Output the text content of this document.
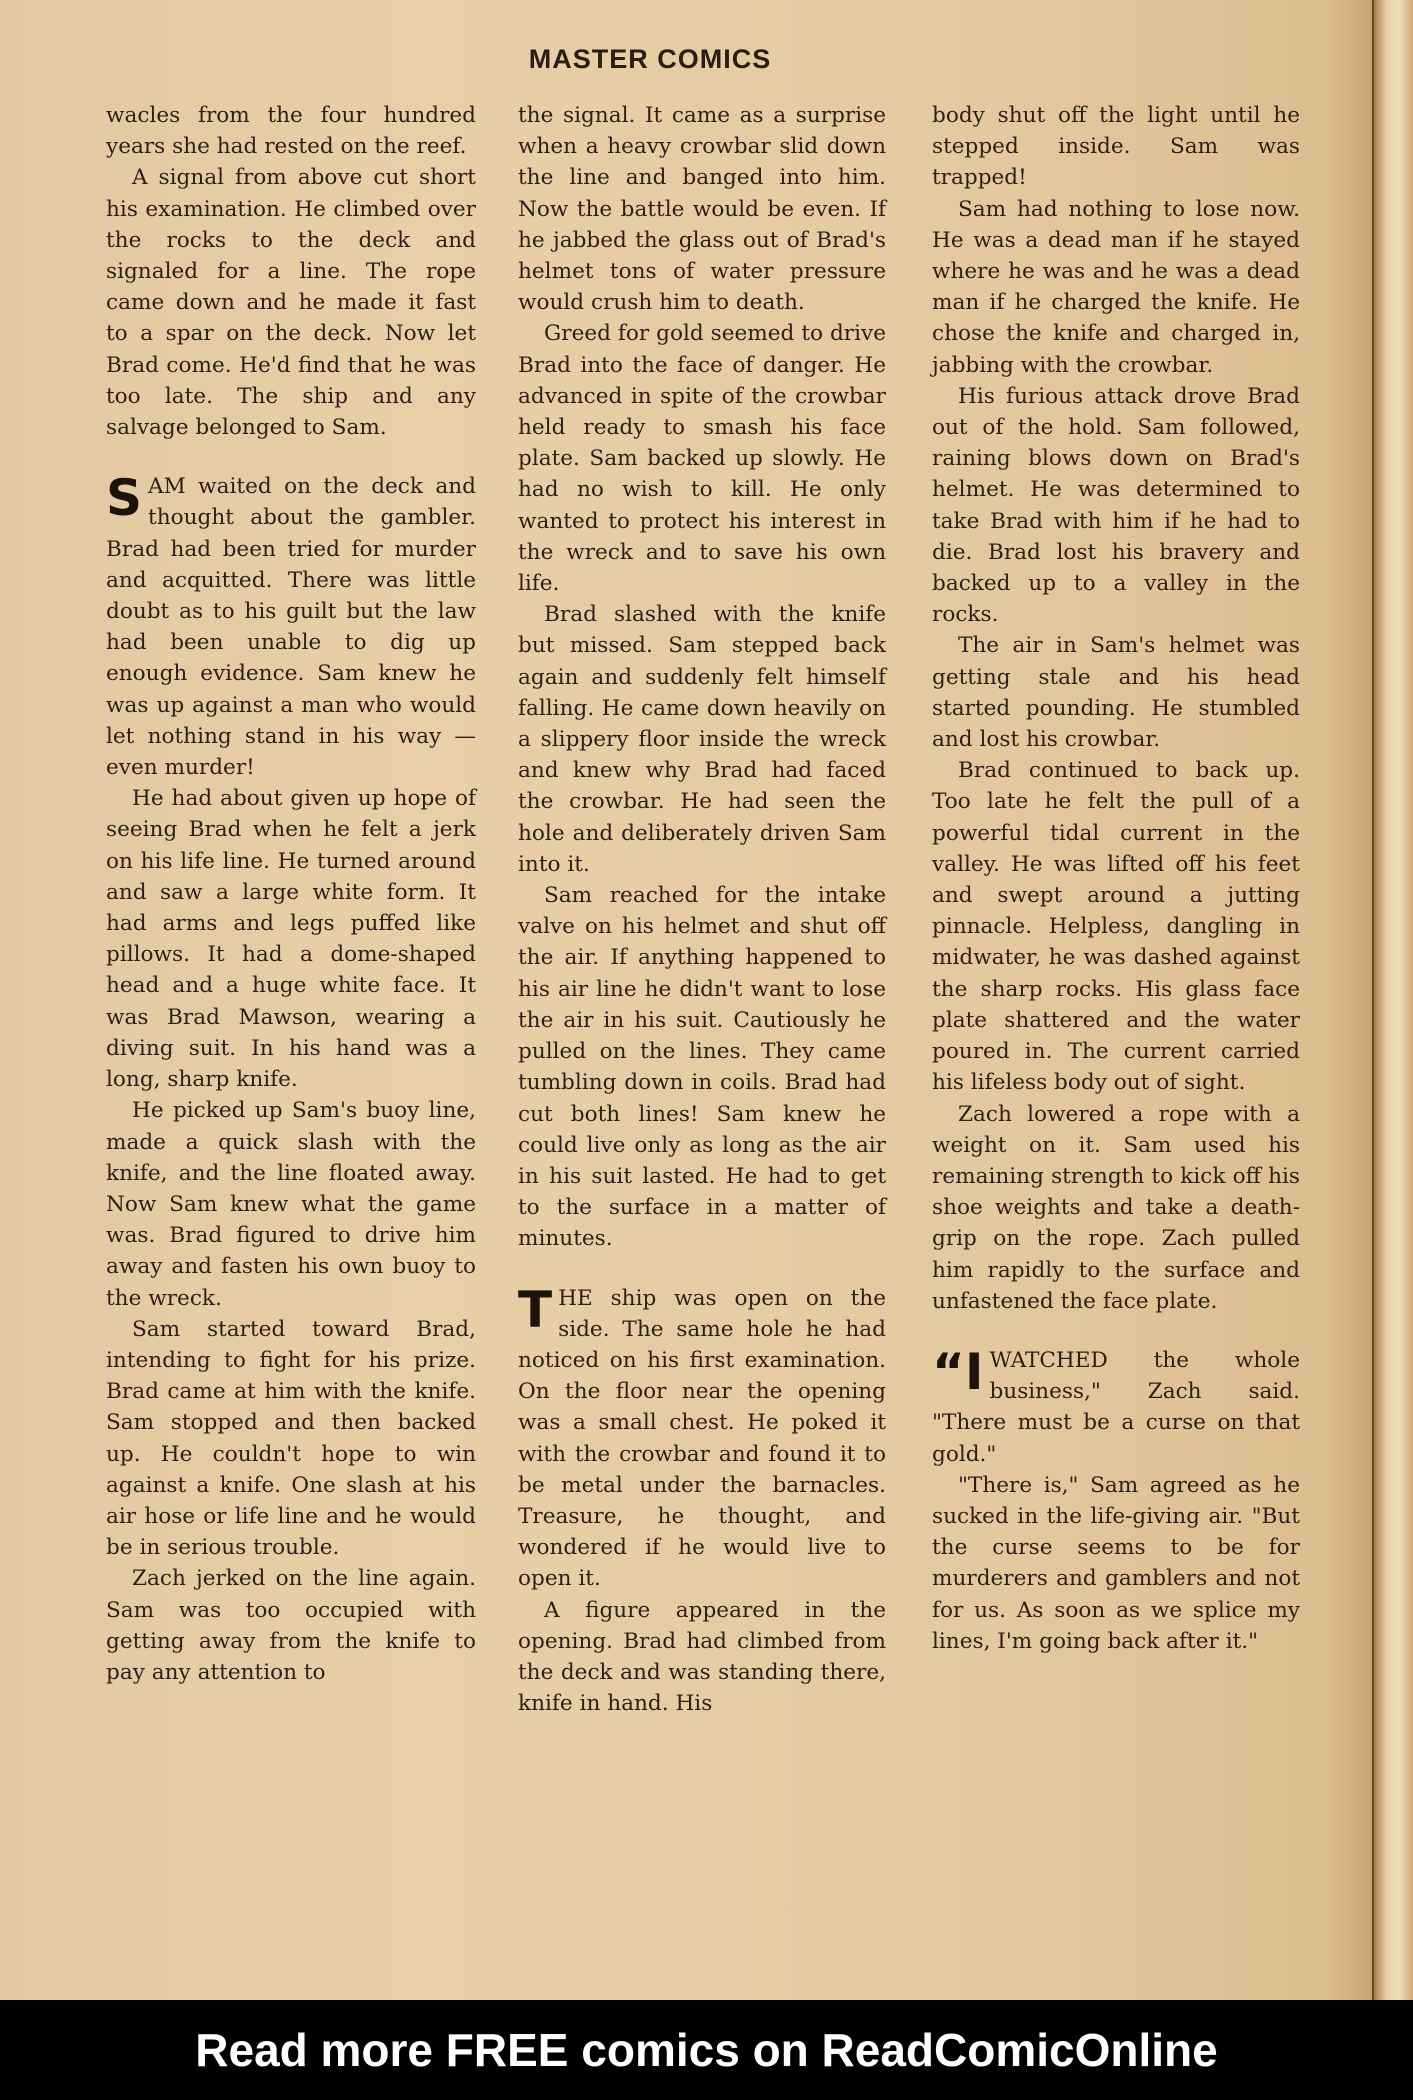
MASTER COMICS

wacles from the four hundred years she had rested on the reef.

A signal from above cut short his examination. He climbed over the rocks to the deck and signaled for a line. The rope came down and he made it fast to a spar on the deck. Now let Brad come. He'd find that he was too late. The ship and any salvage belonged to Sam.

SAM waited on the deck and thought about the gambler. Brad had been tried for murder and acquitted. There was little doubt as to his guilt but the law had been unable to dig up enough evidence. Sam knew he was up against a man who would let nothing stand in his way —even murder!

He had about given up hope of seeing Brad when he felt a jerk on his life line. He turned around and saw a large white form. It had arms and legs puffed like pillows. It had a dome-shaped head and a huge white face. It was Brad Mawson, wearing a diving suit. In his hand was a long, sharp knife.

He picked up Sam's buoy line, made a quick slash with the knife, and the line floated away. Now Sam knew what the game was. Brad figured to drive him away and fasten his own buoy to the wreck.

Sam started toward Brad, intending to fight for his prize. Brad came at him with the knife. Sam stopped and then backed up. He couldn't hope to win against a knife. One slash at his air hose or life line and he would be in serious trouble.

Zach jerked on the line again. Sam was too occupied with getting away from the knife to pay any attention to

the signal. It came as a surprise when a heavy crowbar slid down the line and banged into him. Now the battle would be even. If he jabbed the glass out of Brad's helmet tons of water pressure would crush him to death.

Greed for gold seemed to drive Brad into the face of danger. He advanced in spite of the crowbar held ready to smash his face plate. Sam backed up slowly. He had no wish to kill. He only wanted to protect his interest in the wreck and to save his own life.

Brad slashed with the knife but missed. Sam stepped back again and suddenly felt himself falling. He came down heavily on a slippery floor inside the wreck and knew why Brad had faced the crowbar. He had seen the hole and deliberately driven Sam into it.

Sam reached for the intake valve on his helmet and shut off the air. If anything happened to his air line he didn't want to lose the air in his suit. Cautiously he pulled on the lines. They came tumbling down in coils. Brad had cut both lines! Sam knew he could live only as long as the air in his suit lasted. He had to get to the surface in a matter of minutes.

THE ship was open on the side. The same hole he had noticed on his first examination. On the floor near the opening was a small chest. He poked it with the crowbar and found it to be metal under the barnacles. Treasure, he thought, and wondered if he would live to open it.

A figure appeared in the opening. Brad had climbed from the deck and was standing there, knife in hand. His

body shut off the light until he stepped inside. Sam was trapped!

Sam had nothing to lose now. He was a dead man if he stayed where he was and he was a dead man if he charged the knife. He chose the knife and charged in, jabbing with the crowbar.

His furious attack drove Brad out of the hold. Sam followed, raining blows down on Brad's helmet. He was determined to take Brad with him if he had to die. Brad lost his bravery and backed up to a valley in the rocks.

The air in Sam's helmet was getting stale and his head started pounding. He stumbled and lost his crowbar.

Brad continued to back up. Too late he felt the pull of a powerful tidal current in the valley. He was lifted off his feet and swept around a jutting pinnacle. Helpless, dangling in midwater, he was dashed against the sharp rocks. His glass face plate shattered and the water poured in. The current carried his lifeless body out of sight.

Zach lowered a rope with a weight on it. Sam used his remaining strength to kick off his shoe weights and take a death-grip on the rope. Zach pulled him rapidly to the surface and unfastened the face plate.

“IWATCHED the whole business," Zach said. "There must be a curse on that gold."

"There is," Sam agreed as he sucked in the life-giving air. "But the curse seems to be for murderers and gamblers and not for us. As soon as we splice my lines, I'm going back after it."

Read more FREE comics on ReadComicOnline
